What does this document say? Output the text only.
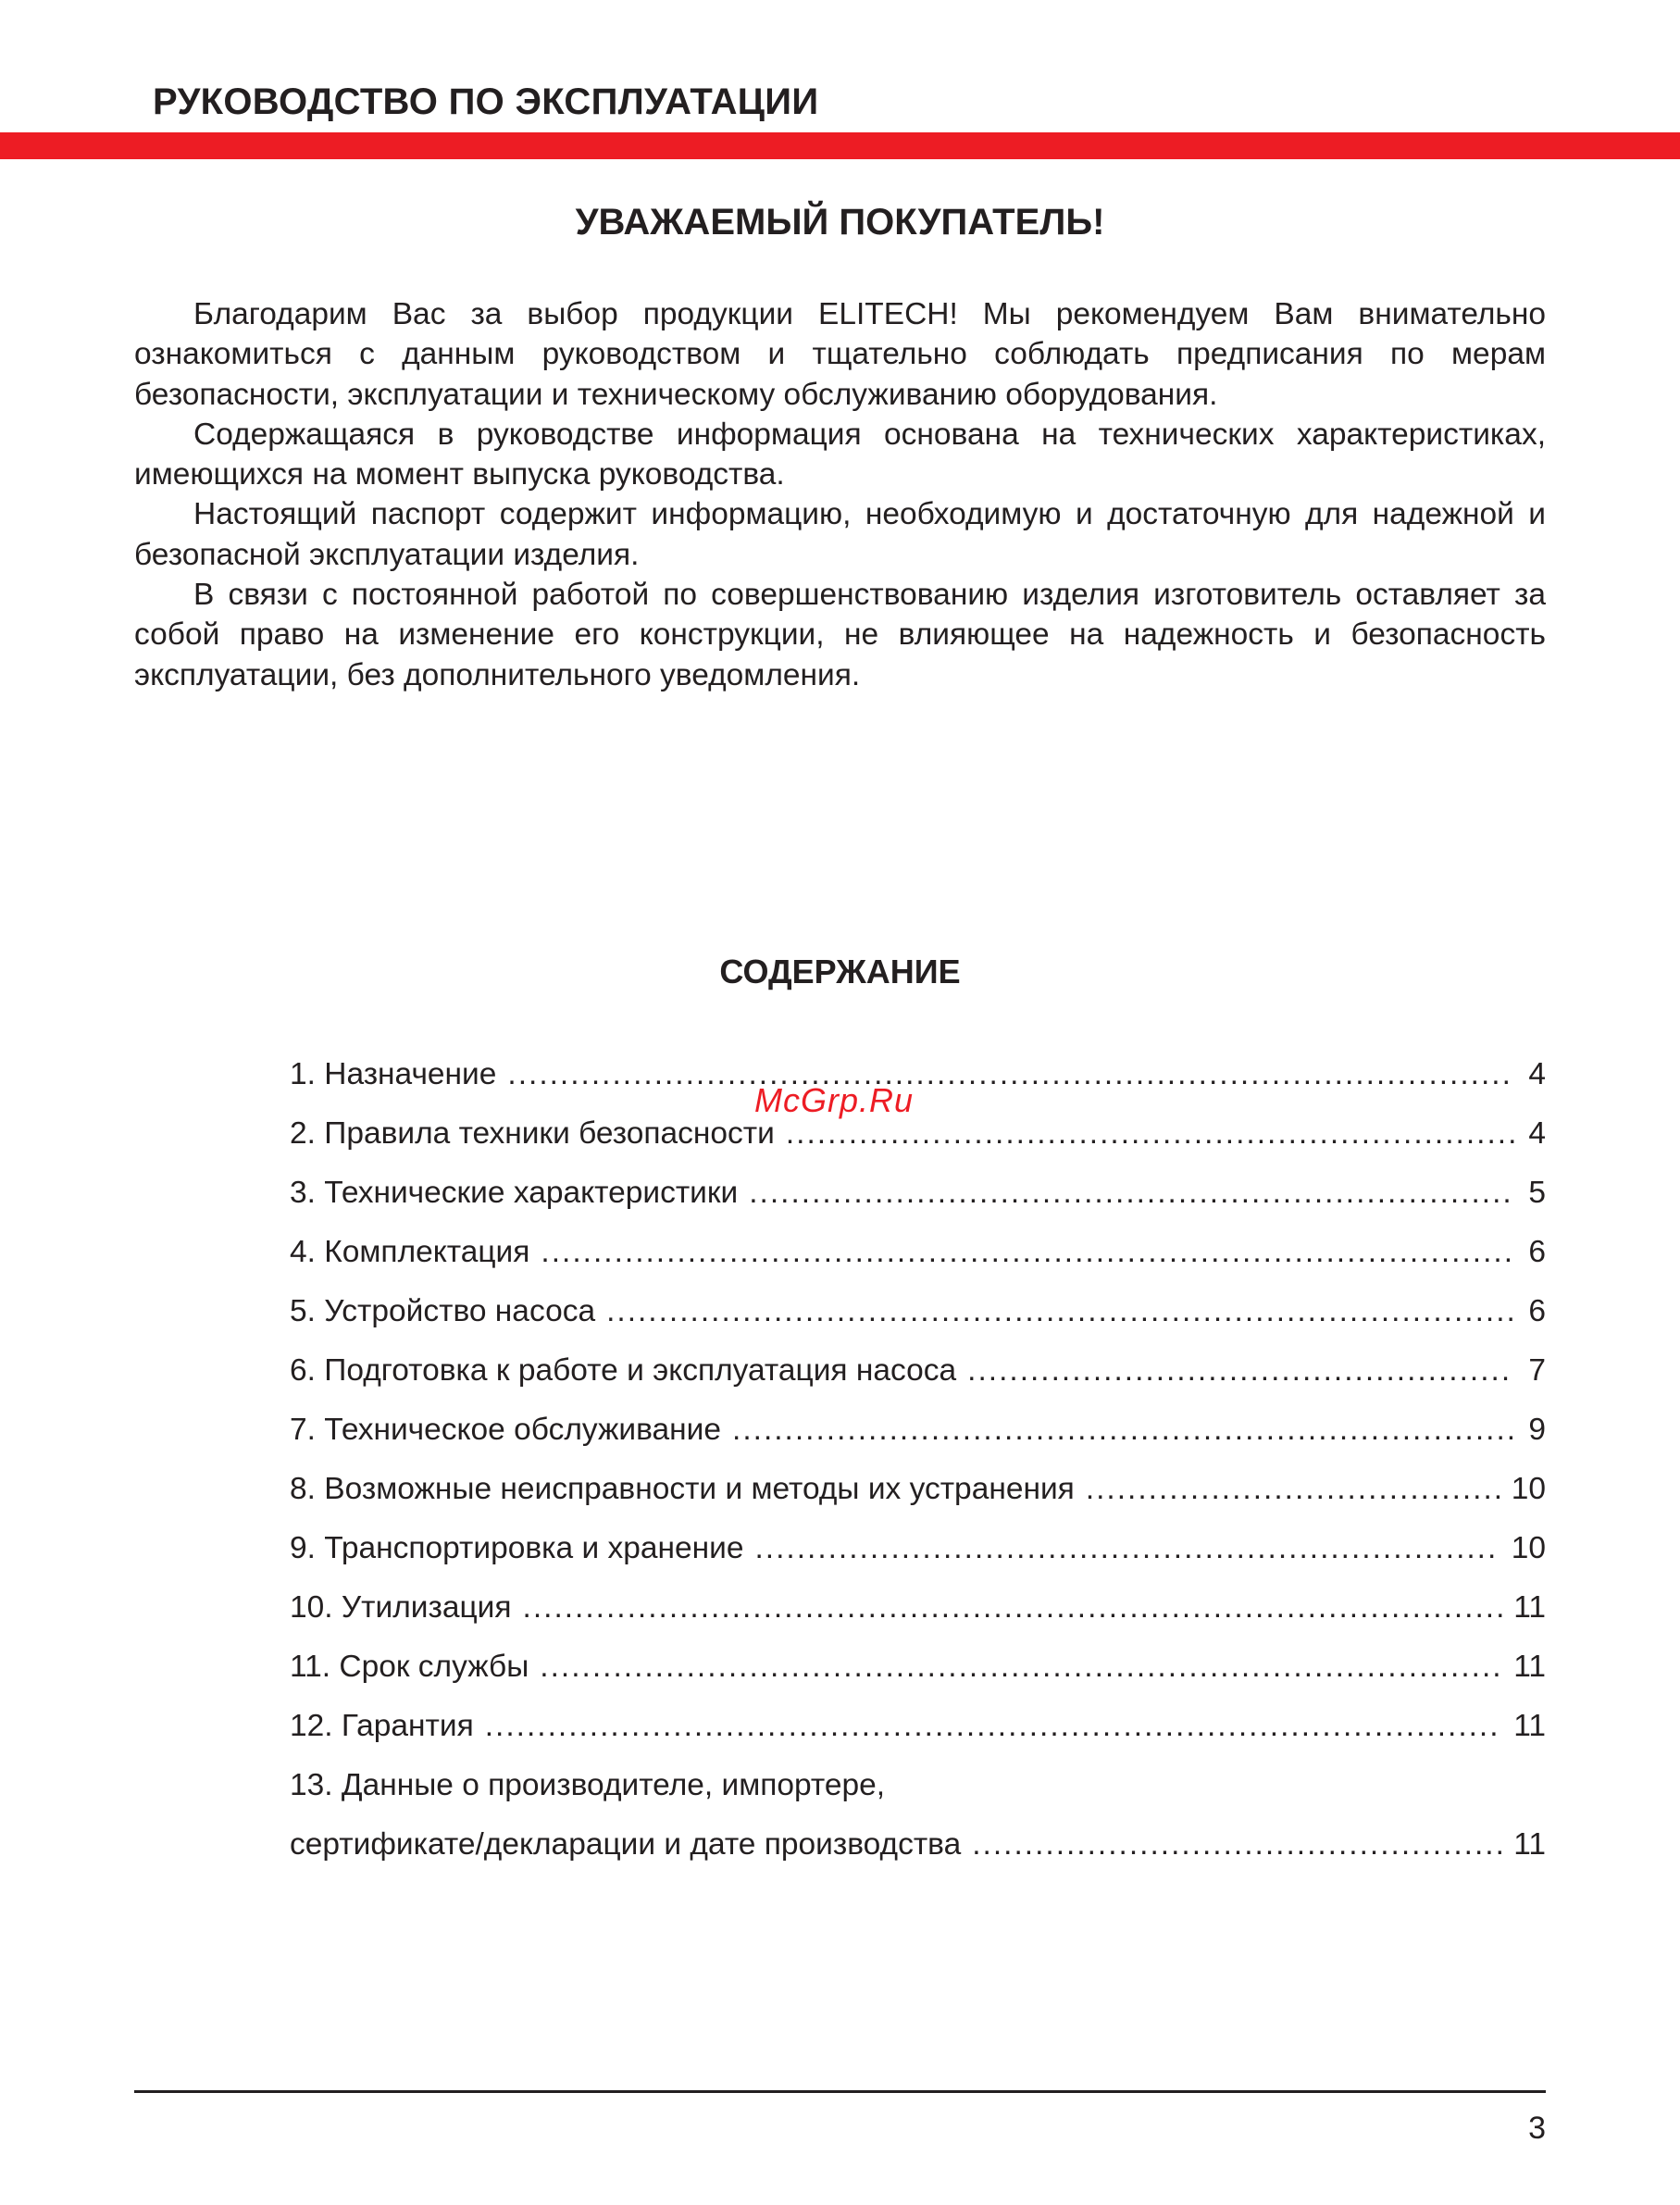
РУКОВОДСТВО ПО ЭКСПЛУАТАЦИИ
УВАЖАЕМЫЙ ПОКУПАТЕЛЬ!

Благодарим Вас за выбор продукции ELITECH! Мы рекомендуем Вам внимательно ознакомиться с данным руководством и тщательно соблюдать предписания по мерам безопасности, эксплуатации и техническому обслуживанию оборудования.

Содержащаяся в руководстве информация основана на технических характеристиках, имеющихся на момент выпуска руководства.

Настоящий паспорт содержит информацию, необходимую и достаточную для надежной и безопасной эксплуатации изделия.

В связи с постоянной работой по совершенствованию изделия изготовитель оставляет за собой право на изменение его конструкции, не влияющее на надежность и безопасность эксплуатации, без дополнительного уведомления.

СОДЕРЖАНИЕ
1. Назначение .....	4
2. Правила техники безопасности .....	4
3. Технические характеристики .....	5
4. Комплектация .....	6
5. Устройство насоса .....	6
6. Подготовка к работе и эксплуатация насоса .....	7
7. Техническое обслуживание .....	9
8. Возможные неисправности и методы их устранения .....	10
9. Транспортировка и хранение .....	10
10. Утилизация .....	11
11. Срок службы .....	11
12. Гарантия .....	11
13. Данные о производителе, импортере,
сертификате/декларации и дате производства .....	11
McGrp.Ru
3
